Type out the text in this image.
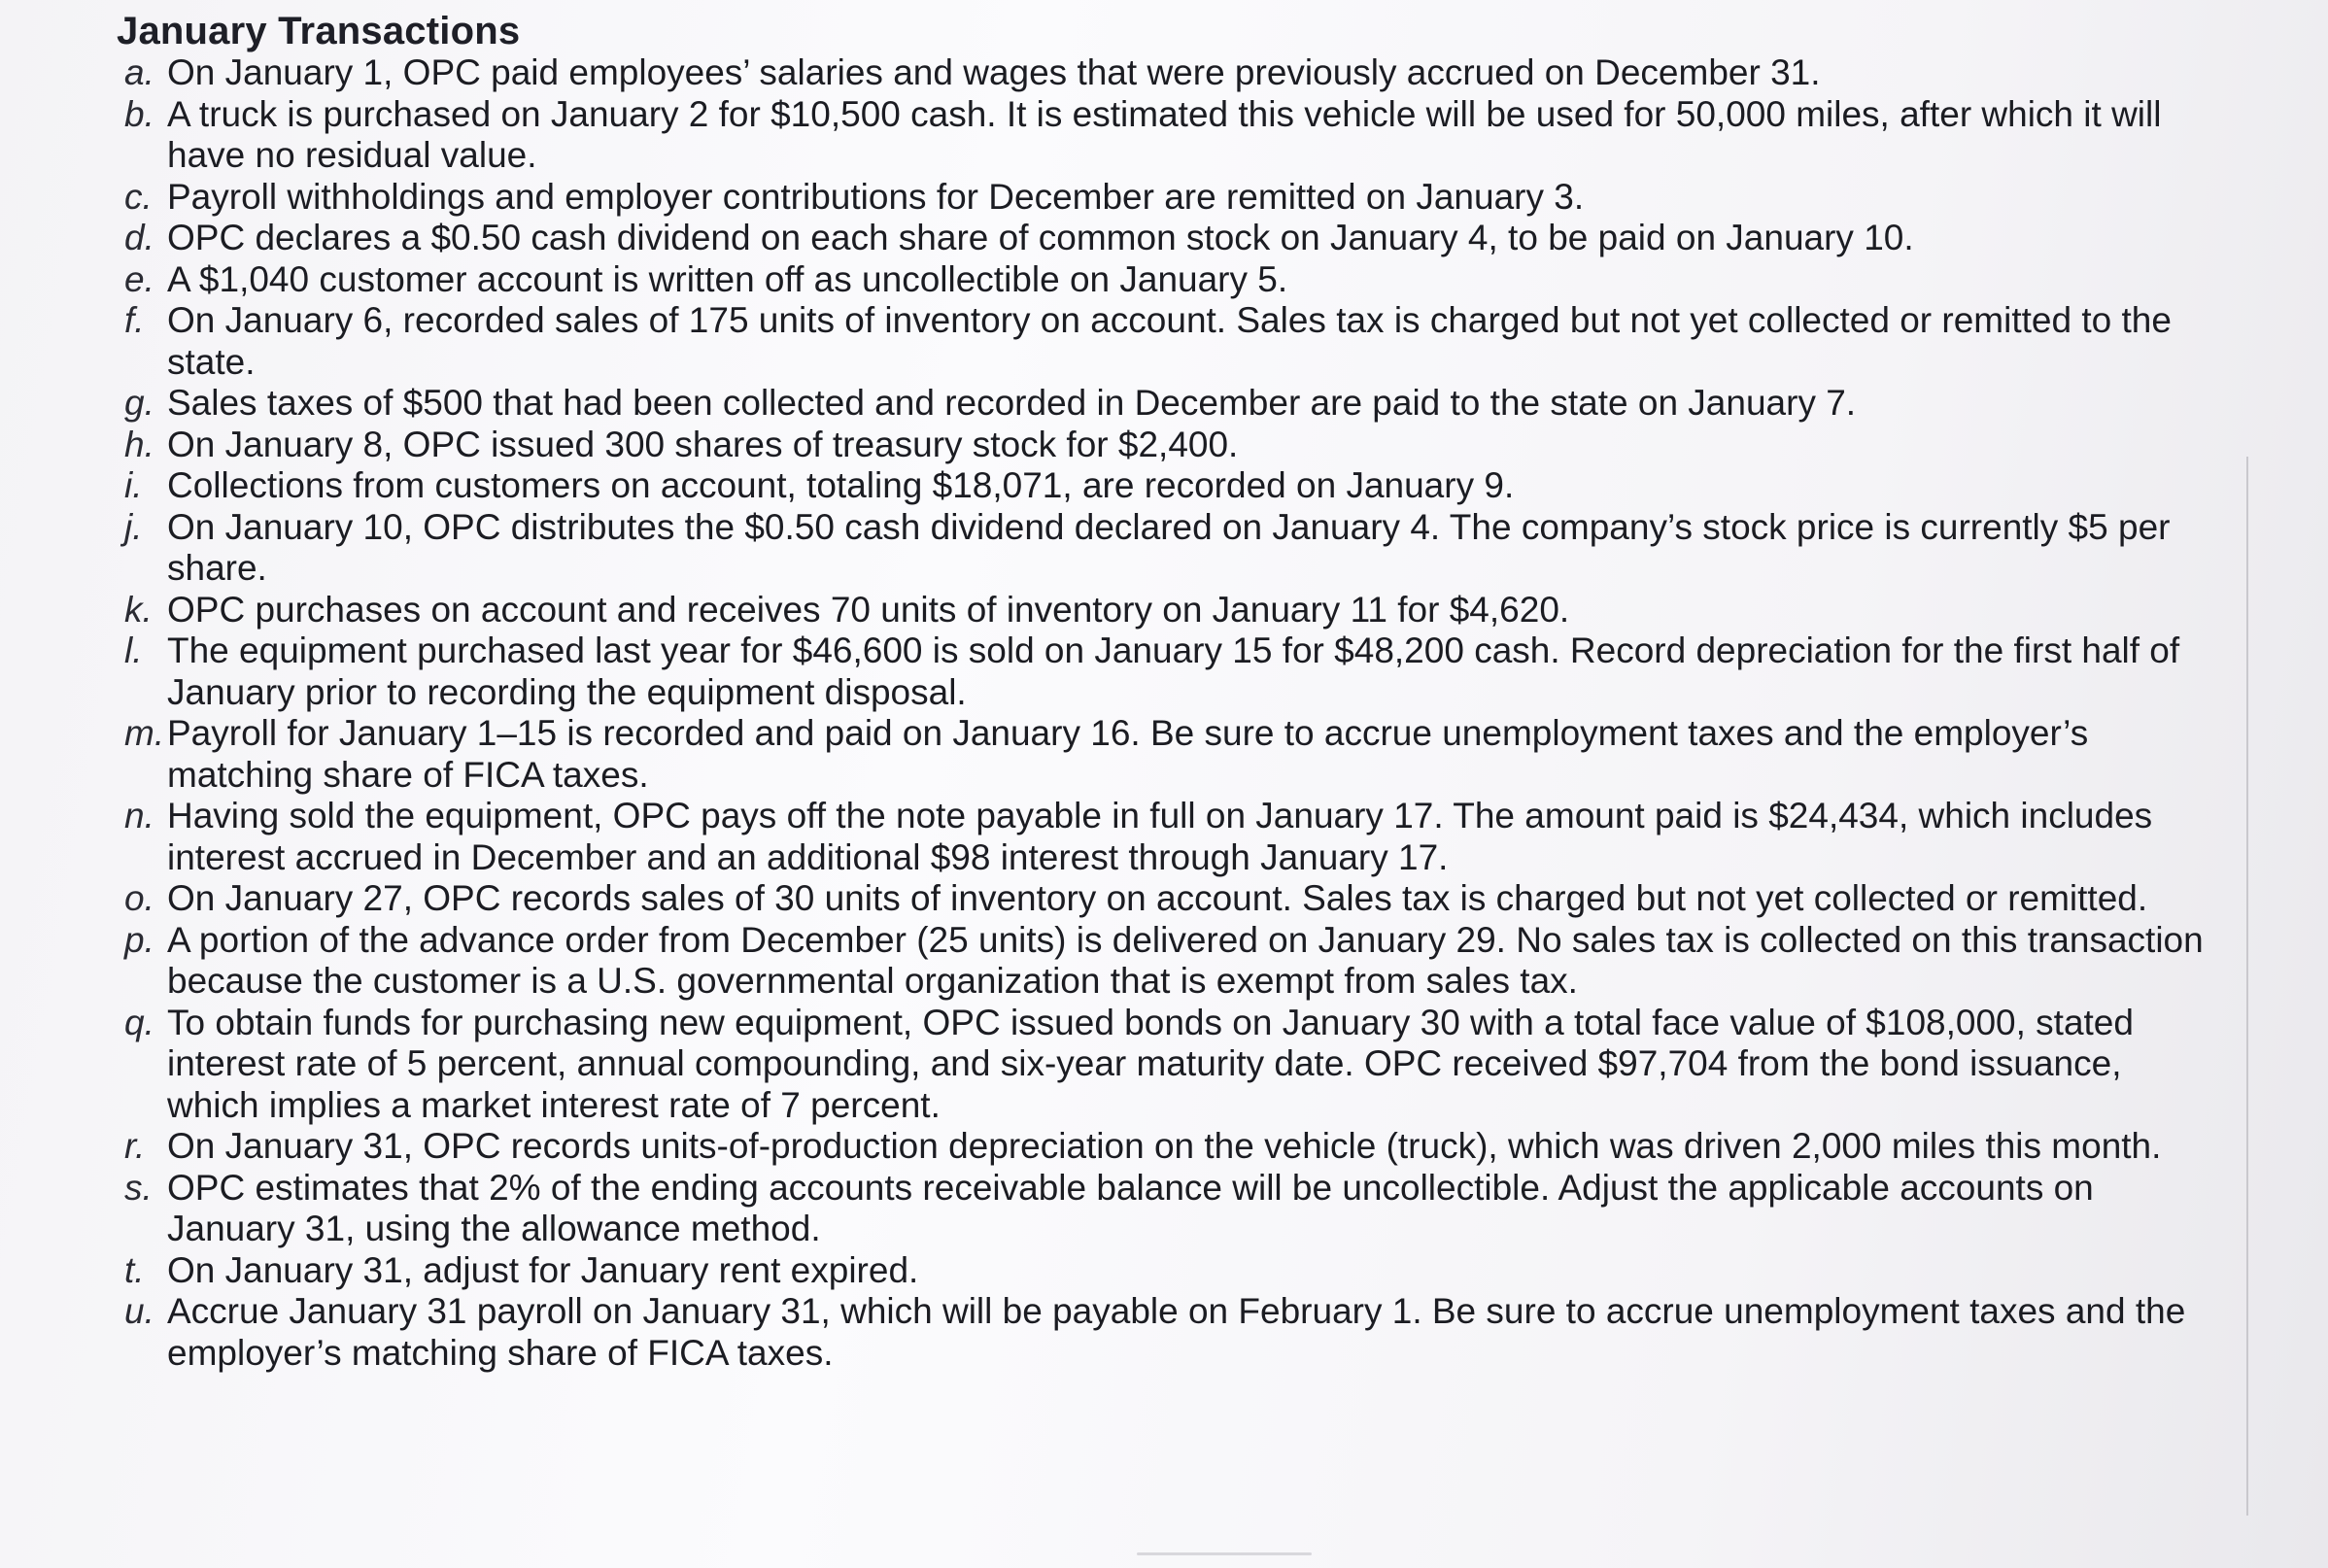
January Transactions
a. On January 1, OPC paid employees’ salaries and wages that were previously accrued on December 31.
b. A truck is purchased on January 2 for $10,500 cash. It is estimated this vehicle will be used for 50,000 miles, after which it will have no residual value.
c. Payroll withholdings and employer contributions for December are remitted on January 3.
d. OPC declares a $0.50 cash dividend on each share of common stock on January 4, to be paid on January 10.
e. A $1,040 customer account is written off as uncollectible on January 5.
f. On January 6, recorded sales of 175 units of inventory on account. Sales tax is charged but not yet collected or remitted to the state.
g. Sales taxes of $500 that had been collected and recorded in December are paid to the state on January 7.
h. On January 8, OPC issued 300 shares of treasury stock for $2,400.
i. Collections from customers on account, totaling $18,071, are recorded on January 9.
j. On January 10, OPC distributes the $0.50 cash dividend declared on January 4. The company’s stock price is currently $5 per share.
k. OPC purchases on account and receives 70 units of inventory on January 11 for $4,620.
l. The equipment purchased last year for $46,600 is sold on January 15 for $48,200 cash. Record depreciation for the first half of January prior to recording the equipment disposal.
m. Payroll for January 1–15 is recorded and paid on January 16. Be sure to accrue unemployment taxes and the employer’s matching share of FICA taxes.
n. Having sold the equipment, OPC pays off the note payable in full on January 17. The amount paid is $24,434, which includes interest accrued in December and an additional $98 interest through January 17.
o. On January 27, OPC records sales of 30 units of inventory on account. Sales tax is charged but not yet collected or remitted.
p. A portion of the advance order from December (25 units) is delivered on January 29. No sales tax is collected on this transaction because the customer is a U.S. governmental organization that is exempt from sales tax.
q. To obtain funds for purchasing new equipment, OPC issued bonds on January 30 with a total face value of $108,000, stated interest rate of 5 percent, annual compounding, and six-year maturity date. OPC received $97,704 from the bond issuance, which implies a market interest rate of 7 percent.
r. On January 31, OPC records units-of-production depreciation on the vehicle (truck), which was driven 2,000 miles this month.
s. OPC estimates that 2% of the ending accounts receivable balance will be uncollectible. Adjust the applicable accounts on January 31, using the allowance method.
t. On January 31, adjust for January rent expired.
u. Accrue January 31 payroll on January 31, which will be payable on February 1. Be sure to accrue unemployment taxes and the employer’s matching share of FICA taxes.
